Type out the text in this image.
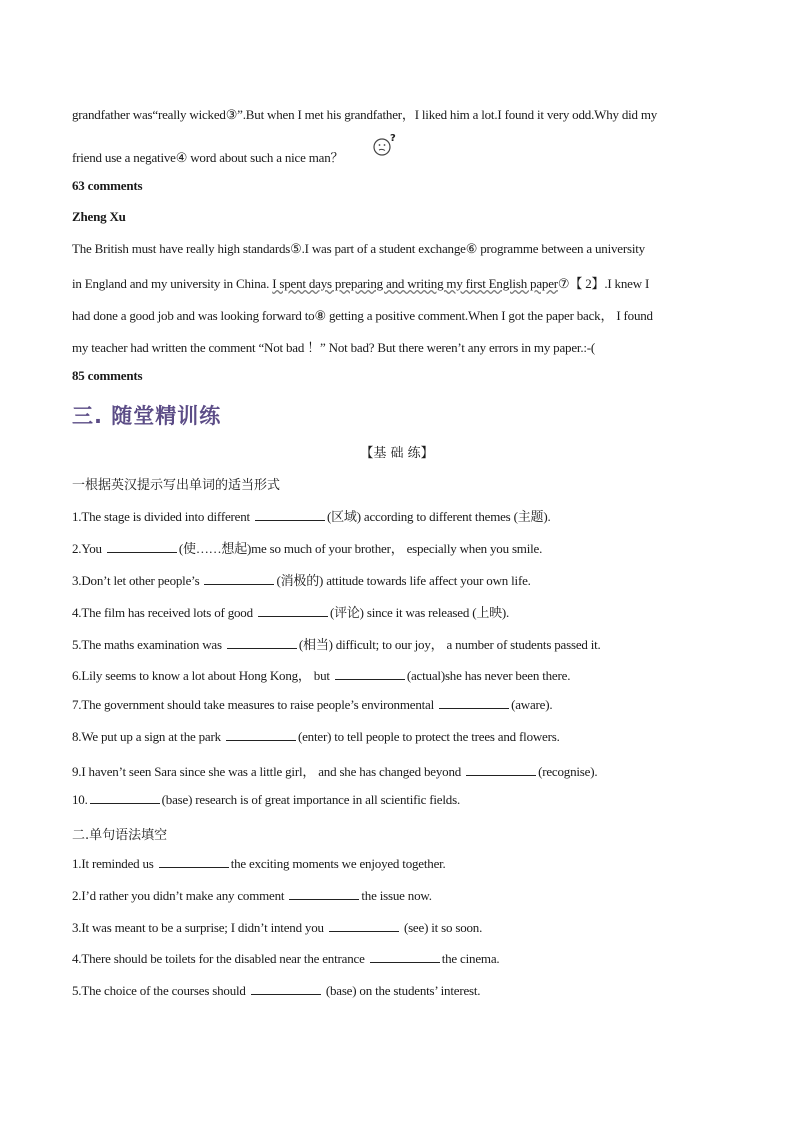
grandfather was“really wicked③”.But when I met his grandfather，I liked him a lot.I found it very odd.Why did my
friend use a negative④ word about such a nice man？
?
63 comments
Zheng Xu
The British must have really high standards⑤.I was part of a student exchange⑥ programme between a university
in England and my university in China. I spent days preparing and writing my first English paper⑦【 2】.I knew I
had done a good job and was looking forward to⑧ getting a positive comment.When I got the paper back， I found
my teacher had written the comment “Not bad ！” Not bad? But there weren’t any errors in my paper.:-(
85 comments
三. 随堂精训练
【基 础 练】
一根据英汉提示写出单词的适当形式
1.The stage is divided into different	(区域) according to different themes (主题).
2.You	(使……想起)me so much of your brother， especially when you smile.
3.Don’t let other people’s	(消极的) attitude towards life affect your own life.
4.The film has received lots of good	(评论) since it was released (上映).
5.The maths examination was	(相当) difficult; to our joy， a number of students passed it.
6.Lily seems to know a lot about Hong Kong， but	(actual)she has never been there.
7.The government should take measures to raise people’s environmental	(aware).
8.We put up a sign at the park	(enter) to tell people to protect the trees and flowers.
9.I haven’t seen Sara since she was a little girl， and she has changed beyond	(recognise).
10.	(base) research is of great importance in all scientific fields.
二.单句语法填空
1.It reminded us	the exciting moments we enjoyed together.
2.I’d rather you didn’t make any comment	the issue now.
3.It was meant to be a surprise; I didn’t intend you	(see) it so soon.
4.There should be toilets for the disabled near the entrance	the cinema.
5.The choice of the courses should	(base) on the students’ interest.
